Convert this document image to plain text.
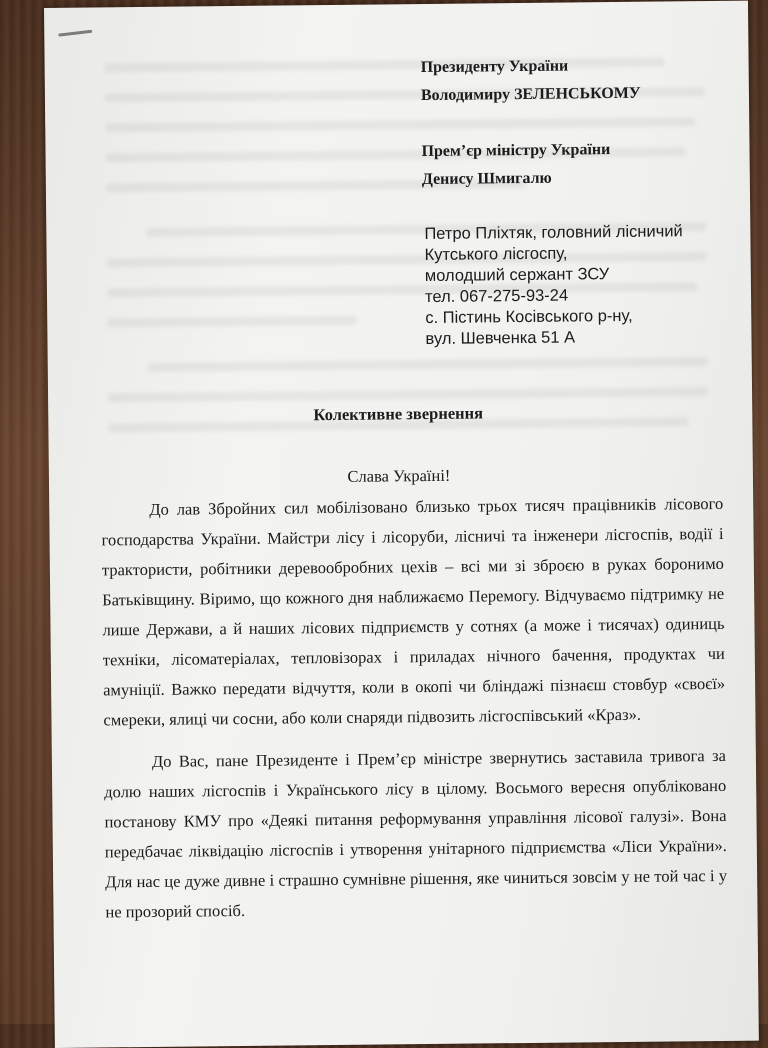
Президенту України
Володимиру ЗЕЛЕНСЬКОМУ
Прем’єр міністру України
Денису Шмигалю
Петро Пліхтяк, головний лісничий
Кутського лісгоспу,
молодший сержант ЗСУ
тел. 067-275-93-24
с. Пістинь Косівського р-ну,
вул. Шевченка 51 А
Колективне звернення
Слава Україні!

До лав Збройних сил мобілізовано близько трьох тисяч працівників лісового господарства України. Майстри лісу і лісоруби, лісничі та інженери лісгоспів, водії і трактористи, робітники деревообробних цехів – всі ми зі зброєю в руках боронимо Батьківщину. Віримо, що кожного дня наближаємо Перемогу. Відчуваємо підтримку не лише Держави, а й наших лісових підприємств у сотнях (а може і тисячах) одиниць техніки, лісоматеріалах, тепловізорах і приладах нічного бачення, продуктах чи амуніції. Важко передати відчуття, коли в окопі чи бліндажі пізнаєш стовбур «своєї» смереки, ялиці чи сосни, або коли снаряди підвозить лісгоспівський «Краз».

До Вас, пане Президенте і Прем’єр міністре звернутись заставила тривога за долю наших лісгоспів і Українського лісу в цілому. Восьмого вересня опубліковано постанову КМУ про «Деякі питання реформування управління лісової галузі». Вона передбачає ліквідацію лісгоспів і утворення унітарного підприємства «Ліси України». Для нас це дуже дивне і страшно сумнівне рішення, яке чиниться зовсім у не той час і у не прозорий спосіб.
